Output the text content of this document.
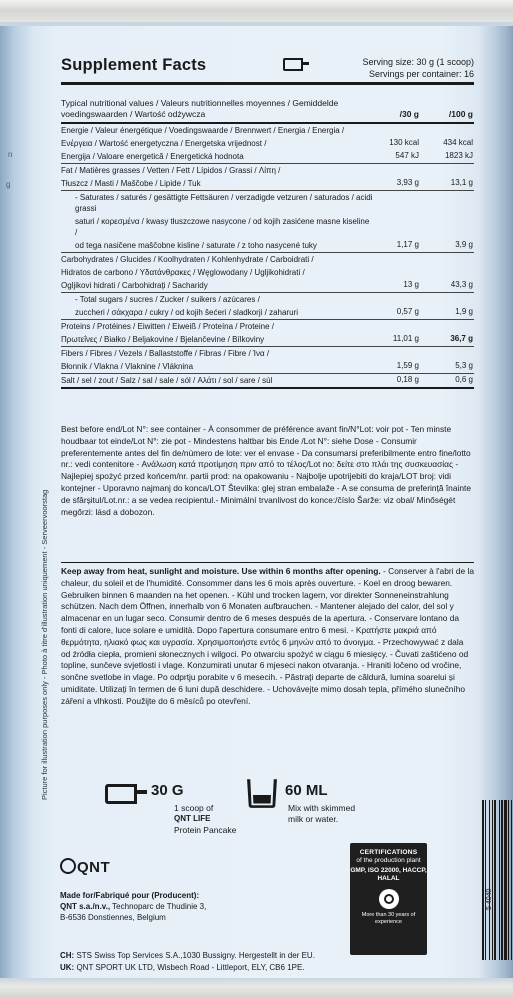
n
g
Supplement Facts	Serving size: 30 g (1 scoop)
Servings per container: 16
Typical nutritional values / Valeurs nutritionnelles moyennes / Gemiddelde voedingswaarden / Wartość odżywcza	/30 g	/100 g
Energie / Valeur énergétique / Voedingswaarde / Brennwert / Energia / Energia /
Ενέργεια / Wartość energetyczna / Energetska vrijednost /	130 kcal	434 kcal
Energija / Valoare energetică / Energetická hodnota	547 kJ	1823 kJ
Fat / Matières grasses / Vetten / Fett / Lípidos / Grassi / Λίπη /
Tłuszcz / Masti / Maščobe / Lipide / Tuk	3,93 g	13,1 g
- Saturates / saturés / gesättigte Fettsäuren / verzadigde vetzuren / saturados / acidi grassi
saturi / κορεσμένα / kwasy tłuszczowe nasycone / od kojih zasićene masne kiseline /
od tega nasičene maščobne kisline / saturate / z toho nasycené tuky	1,17 g	3,9 g
Carbohydrates / Glucides / Koolhydraten / Kohlenhydrate / Carboidrati /
Hidratos de carbono / Υδατάνθρακες / Węglowodany / Ugljikohidrati /
Ogljikovi hidrati / Carbohidrați / Sacharidy	13 g	43,3 g
- Total sugars / sucres / Zucker / suikers / azúcares /
zuccheri / σάκχαρα / cukry / od kojih šećeri / sladkorji / zaharuri	0,57 g	1,9 g
Proteins / Protéines / Eiwitten / Eiweiß / Proteína / Proteine /
Πρωτεΐνες / Białko / Beljakovine / Bjelančevine / Bílkoviny	11,01 g	36,7 g
Fibers / Fibres / Vezels / Ballaststoffe / Fibras / Fibre / Ίνα /
Błonnik / Vlakna / Vlaknine / Vláknina	1,59 g	5,3 g
Salt / sel / zout / Salz / sal / sale / sól / Αλάτι / sol / sare / súl	0,18 g	0,6 g
Best before end/Lot N°: see container - À consommer de préférence avant fin/N°Lot: voir pot - Ten minste houdbaar tot einde/Lot N°: zie pot - Mindestens haltbar bis Ende /Lot N°: siehe Dose - Consumir preferentemente antes del fin de/número de lote: ver el envase - Da consumarsi preferibilmente entro fine/lotto nr.: vedi contenitore - Ανάλωση κατά προτίμηση πριν από το τέλος/Lot no: δείτε στο πλάι της συσκευασίας - Najlepiej spożyć przed końcem/nr. partii prod: na opakowaniu - Najbolje upotrijebiti do kraja/LOT broj: vidi kontejner - Uporavno najmanj do konca/LOT Številka: glej stran embalaže - A se consuma de preferință înainte de sfârșitul/Lot.nr.: a se vedea recipientul.- Minimální trvanlivost do konce:/číslo Šarže: viz obal/ Minőségét megőrzi: lásd a dobozon.
Keep away from heat, sunlight and moisture. Use within 6 months after opening. - Conserver à l'abri de la chaleur, du soleil et de l'humidité. Consommer dans les 6 mois après ouverture. - Koel en droog bewaren. Gebruiken binnen 6 maanden na het openen. - Kühl und trocken lagern, vor direkter Sonneneinstrahlung schützen. Nach dem Öffnen, innerhalb von 6 Monaten aufbrauchen. - Mantener alejado del calor, del sol y almacenar en un lugar seco. Consumir dentro de 6 meses después de la apertura. - Conservare lontano da fonti di calore, luce solare e umidità. Dopo l'apertura consumare entro 6 mesi. - Κρατήστε μακριά από θερμότητα, ηλιακό φως και υγρασία. Χρησιμοποιήστε εντός 6 μηνών από το άνοιγμα. - Przechowywać z dala od źródła ciepła, promieni słonecznych i wilgoci. Po otwarciu spożyć w ciągu 6 miesięcy. - Čuvati zaštićeno od topline, sunčeve svjetlosti i vlage. Konzumirati unutar 6 mjeseci nakon otvaranja. - Hraniti ločeno od vročine, sončne svetlobe in vlage. Po odprtju porabite v 6 mesecih. - Păstrați departe de căldură, lumina soarelui și umiditate. Utilizați în termen de 6 luni după deschidere. - Uchovávejte mimo dosah tepla, přímého slunečního záření a vlhkosti. Použijte do 6 měsíců po otevření.
Picture for illustration purposes only - Photo à titre d'illustration uniquement - Serveervoorstag	30 G
1 scoop of
QNT LIFE
Protein Pancake
60 ML
Mix with skimmed milk or water.
QNT
Made for/Fabriqué pour (Producent):
QNT s.a./n.v., Technoparc de Thudinie 3,
B-6536 Donstiennes, Belgium
CERTIFICATIONS
of the production plant
GMP, ISO 22000, HACCP, HALAL
More than 30 years of experience
CH: STS Swiss Top Services S.A.,1030 Bussigny. Hergestellt in der EU.
UK: QNT SPORT UK LTD, Wisbech Road - Littleport, ELY, CB6 1PE.
5 4040
